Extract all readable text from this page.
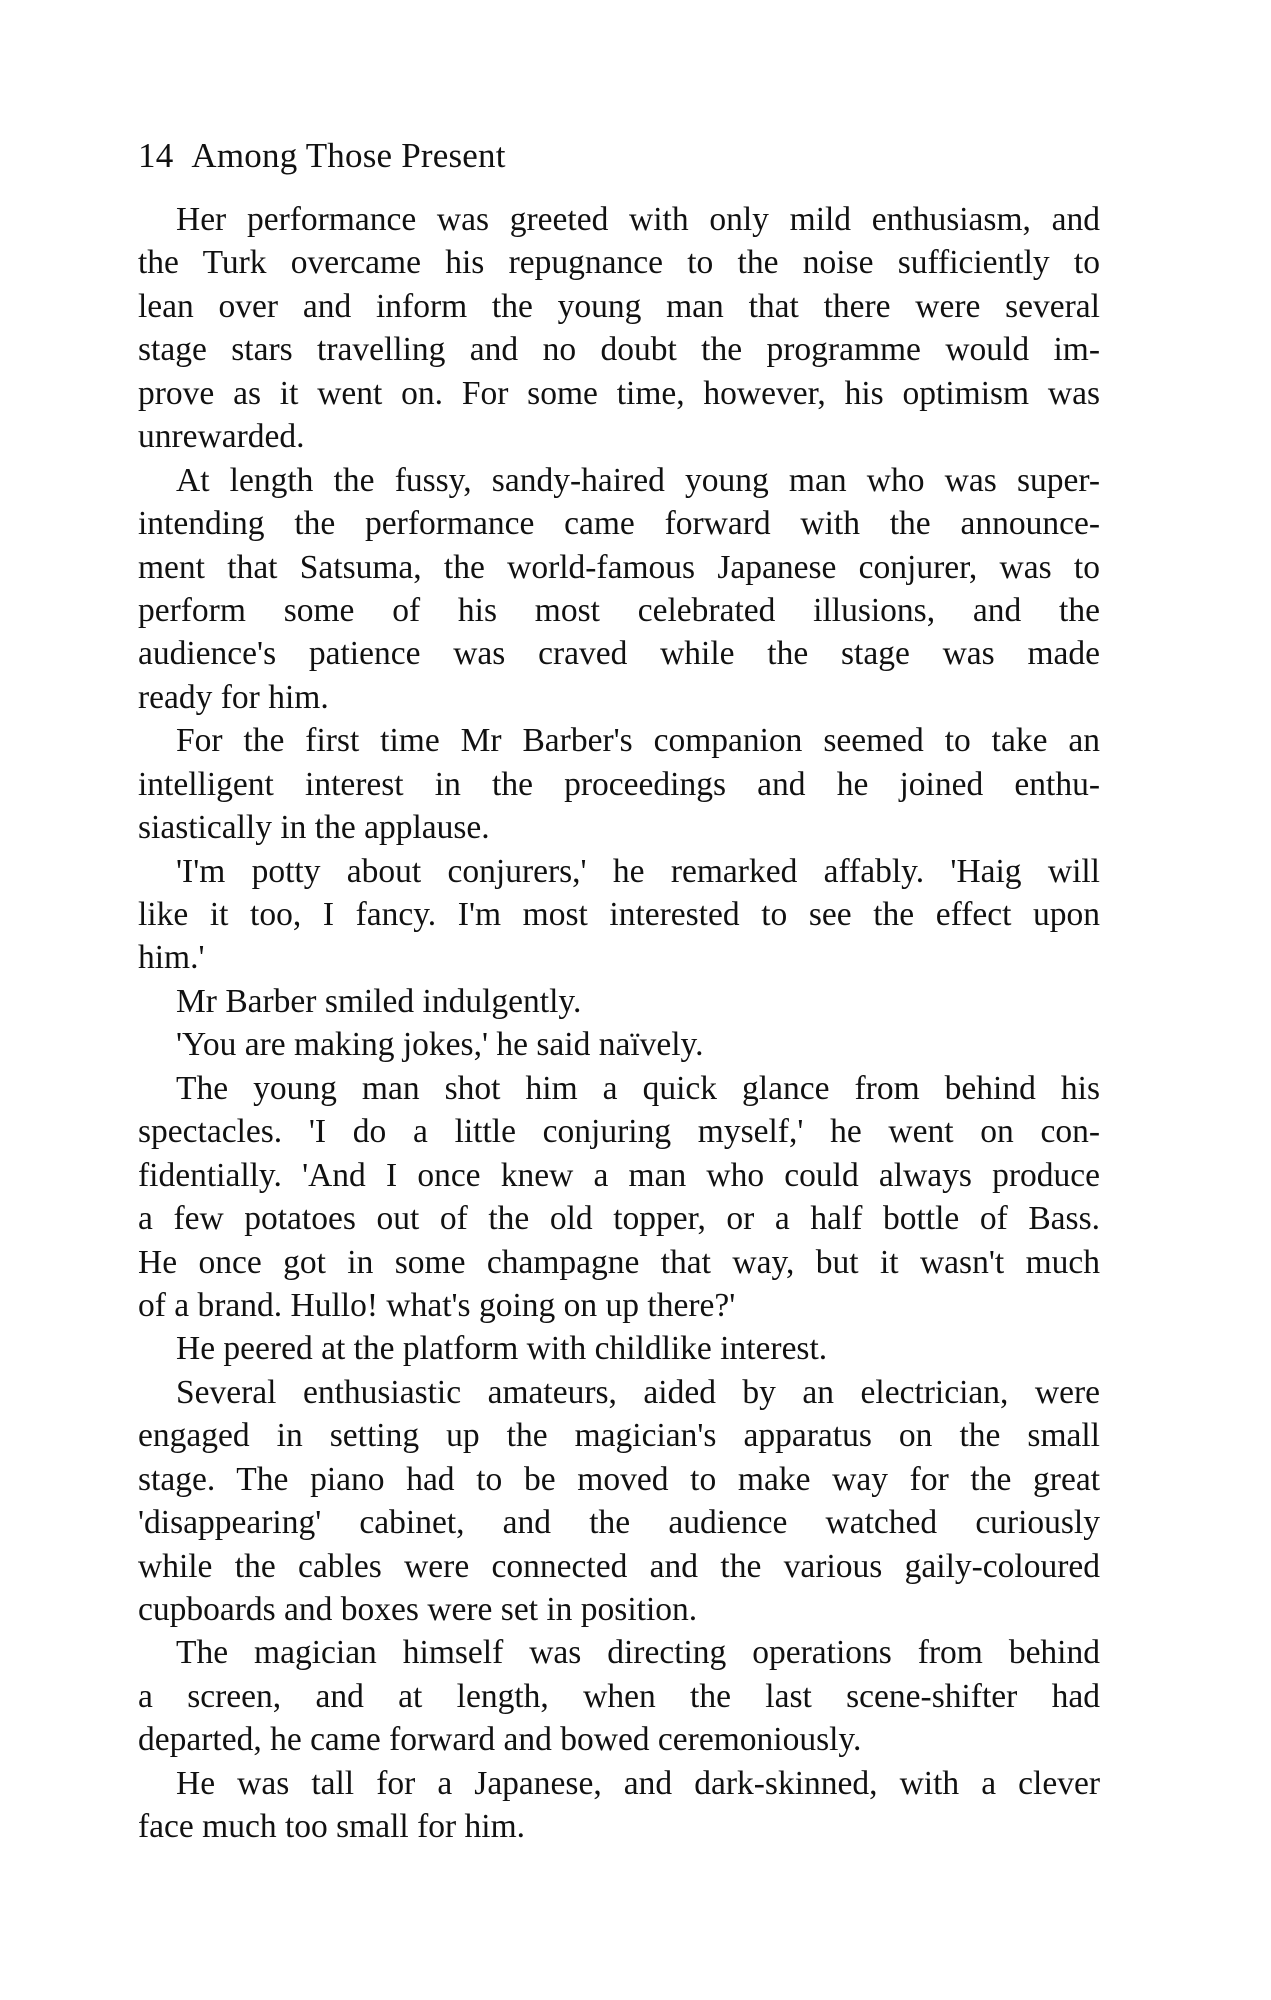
14 Among Those Present
Her performance was greeted with only mild enthusiasm, and
the Turk overcame his repugnance to the noise sufficiently to
lean over and inform the young man that there were several
stage stars travelling and no doubt the programme would im-
prove as it went on. For some time, however, his optimism was
unrewarded.
At length the fussy, sandy-haired young man who was super-
intending the performance came forward with the announce-
ment that Satsuma, the world-famous Japanese conjurer, was to
perform some of his most celebrated illusions, and the
audience's patience was craved while the stage was made
ready for him.
For the first time Mr Barber's companion seemed to take an
intelligent interest in the proceedings and he joined enthu-
siastically in the applause.
'I'm potty about conjurers,' he remarked affably. 'Haig will
like it too, I fancy. I'm most interested to see the effect upon
him.'
Mr Barber smiled indulgently.
'You are making jokes,' he said naïvely.
The young man shot him a quick glance from behind his
spectacles. 'I do a little conjuring myself,' he went on con-
fidentially. 'And I once knew a man who could always produce
a few potatoes out of the old topper, or a half bottle of Bass.
He once got in some champagne that way, but it wasn't much
of a brand. Hullo! what's going on up there?'
He peered at the platform with childlike interest.
Several enthusiastic amateurs, aided by an electrician, were
engaged in setting up the magician's apparatus on the small
stage. The piano had to be moved to make way for the great
'disappearing' cabinet, and the audience watched curiously
while the cables were connected and the various gaily-coloured
cupboards and boxes were set in position.
The magician himself was directing operations from behind
a screen, and at length, when the last scene-shifter had
departed, he came forward and bowed ceremoniously.
He was tall for a Japanese, and dark-skinned, with a clever
face much too small for him.
